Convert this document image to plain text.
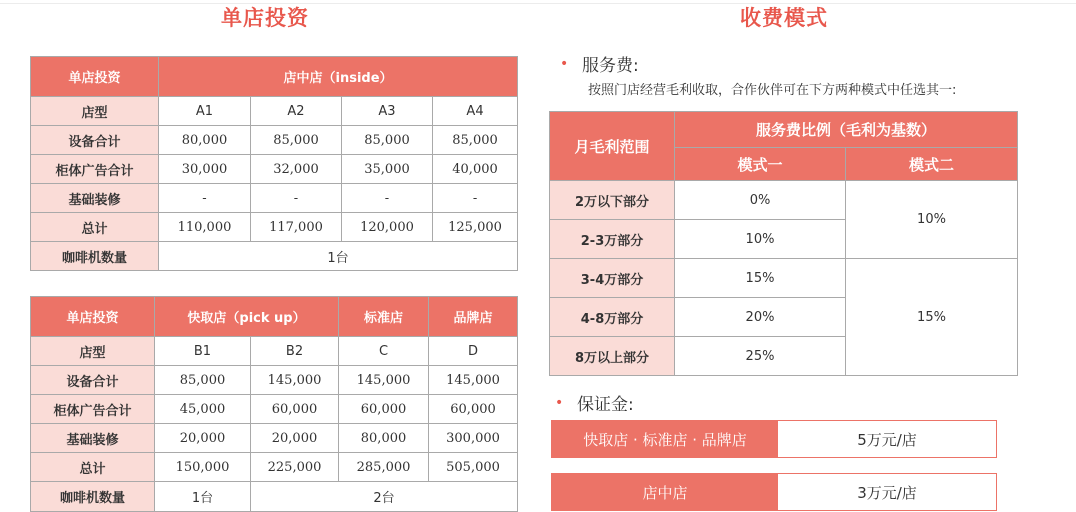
单店投资	收费模式
单店投资	店中店（inside）			
店型	A1	A2	A3	A4
设备合计	80,000	85,000	85,000	85,000
柜体广告合计	30,000	32,000	35,000	40,000
基础装修	-	-	-	-
总计	110,000	117,000	120,000	125,000
咖啡机数量	1台			
单店投资	快取店（pick up）		标准店	品牌店
店型	B1	B2	C	D
设备合计	85,000	145,000	145,000	145,000
柜体广告合计	45,000	60,000	60,000	60,000
基础装修	20,000	20,000	80,000	300,000
总计	150,000	225,000	285,000	505,000
咖啡机数量	1台	2台		
• 服务费:
按照门店经营毛利收取，合作伙伴可在下方两种模式中任选其一:
月毛利范围	服务费比例（毛利为基数）	
	模式一	模式二
2万以下部分	0%	10%
2-3万部分	10%	
3-4万部分	15%	15%
4-8万部分	20%	
8万以上部分	25%	
• 保证金:
快取店 · 标准店 · 品牌店	5万元/店
店中店	3万元/店
